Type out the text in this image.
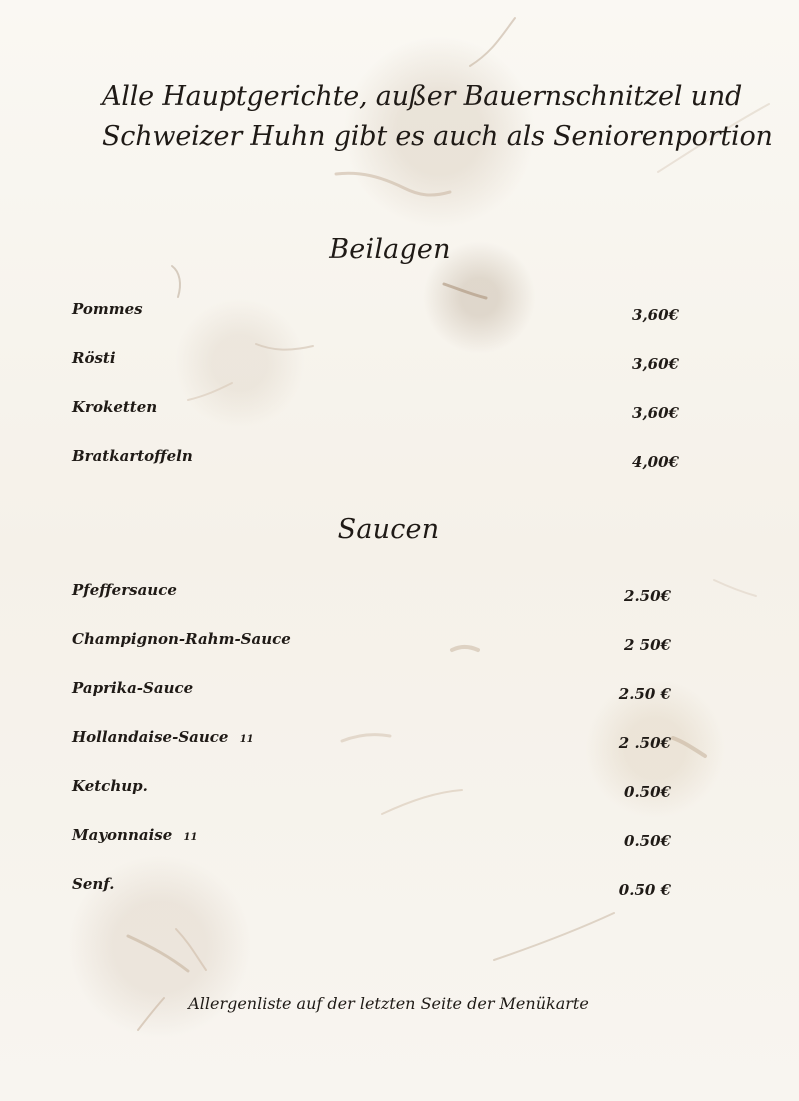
Alle Hauptgerichte, außer Bauernschnitzel und
Schweizer Huhn gibt es auch als Seniorenportion
Beilagen
Pommes	3,60€
Rösti	3,60€
Kroketten	3,60€
Bratkartoffeln	4,00€
Saucen
Pfeffersauce	2.50€
Champignon-Rahm-Sauce	2 50€
Paprika-Sauce	2.50 €
Hollandaise-Sauce 11	2 .50€
Ketchup.	0.50€
Mayonnaise 11	0.50€
Senf.	0.50 €
Allergenliste auf der letzten Seite der Menükarte
